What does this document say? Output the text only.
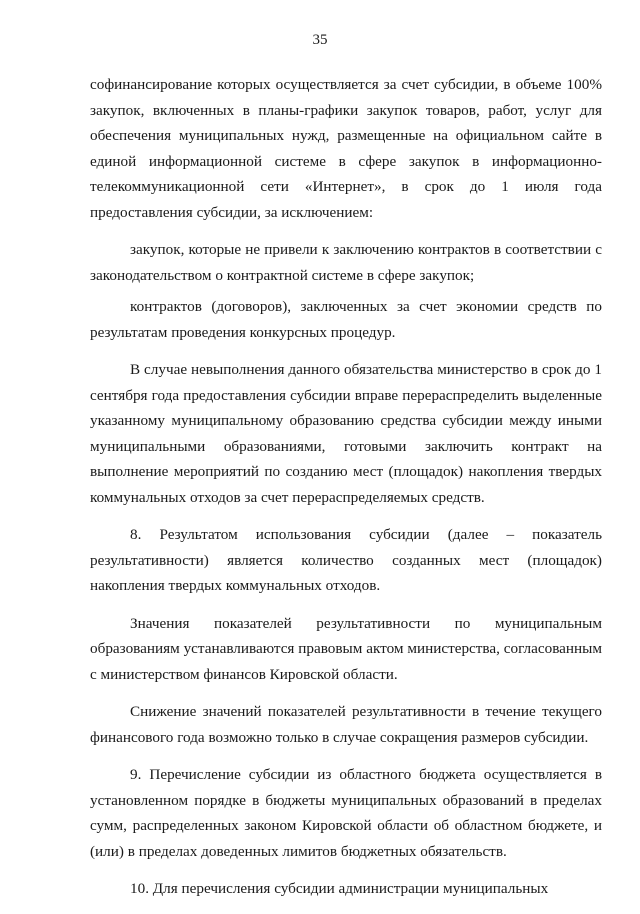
35

софинансирование которых осуществляется за счет субсидии, в объеме 100% закупок, включенных в планы-графики закупок товаров, работ, услуг для обеспечения муниципальных нужд, размещенные на официальном сайте в единой информационной системе в сфере закупок в информационно-телекоммуникационной сети «Интернет», в срок до 1 июля года предоставления субсидии, за исключением:

закупок, которые не привели к заключению контрактов в соответствии с законодательством о контрактной системе в сфере закупок;

контрактов (договоров), заключенных за счет экономии средств по результатам проведения конкурсных процедур.

В случае невыполнения данного обязательства министерство в срок до 1 сентября года предоставления субсидии вправе перераспределить выделенные указанному муниципальному образованию средства субсидии между иными муниципальными образованиями, готовыми заключить контракт на выполнение мероприятий по созданию мест (площадок) накопления твердых коммунальных отходов за счет перераспределяемых средств.

8. Результатом использования субсидии (далее – показатель результативности) является количество созданных мест (площадок) накопления твердых коммунальных отходов.

Значения показателей результативности по муниципальным образованиям устанавливаются правовым актом министерства, согласованным с министерством финансов Кировской области.

Снижение значений показателей результативности в течение текущего финансового года возможно только в случае сокращения размеров субсидии.

9. Перечисление субсидии из областного бюджета осуществляется в установленном порядке в бюджеты муниципальных образований в пределах сумм, распределенных законом Кировской области об областном бюджете, и (или) в пределах доведенных лимитов бюджетных обязательств.

10. Для перечисления субсидии администрации муниципальных
